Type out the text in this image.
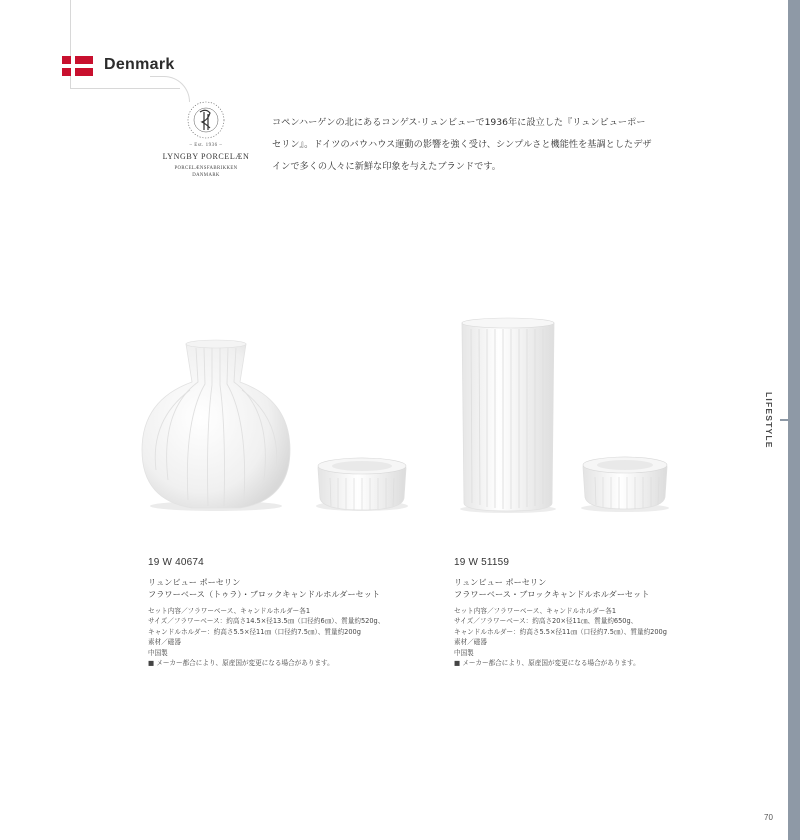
Denmark
LIFESTYLE
– Est. 1936 –
LYNGBY PORCELÆN
PORCELÆNSFABRIKKEN
DANMARK
コペンハーゲンの北にあるコンゲス·リュンビューで1936年に設立した『リュンビューポーセリン』。ドイツのバウハウス運動の影響を強く受け、シンプルさと機能性を基調としたデザインで多くの人々に新鮮な印象を与えたブランドです。
19 W 40674
リュンビュー ポーセリン
フラワーベース（トゥラ）・ブロックキャンドルホルダーセット
セット内容／フラワーベース、キャンドルホルダー各1
サイズ／フラワーベース：約高さ14.5×径13.5㎝（口径約6㎝）、質量約520g、
キャンドルホルダー：約高さ5.5×径11㎝（口径約7.5㎝）、質量約200g
素材／磁器
中国製
■ メーカー都合により、原産国が変更になる場合があります。
19 W 51159
リュンビュー ポーセリン
フラワーベース・ブロックキャンドルホルダーセット
セット内容／フラワーベース、キャンドルホルダー各1
サイズ／フラワーベース：約高さ20×径11㎝、質量約650g、
キャンドルホルダー：約高さ5.5×径11㎝（口径約7.5㎝）、質量約200g
素材／磁器
中国製
■ メーカー都合により、原産国が変更になる場合があります。
70
